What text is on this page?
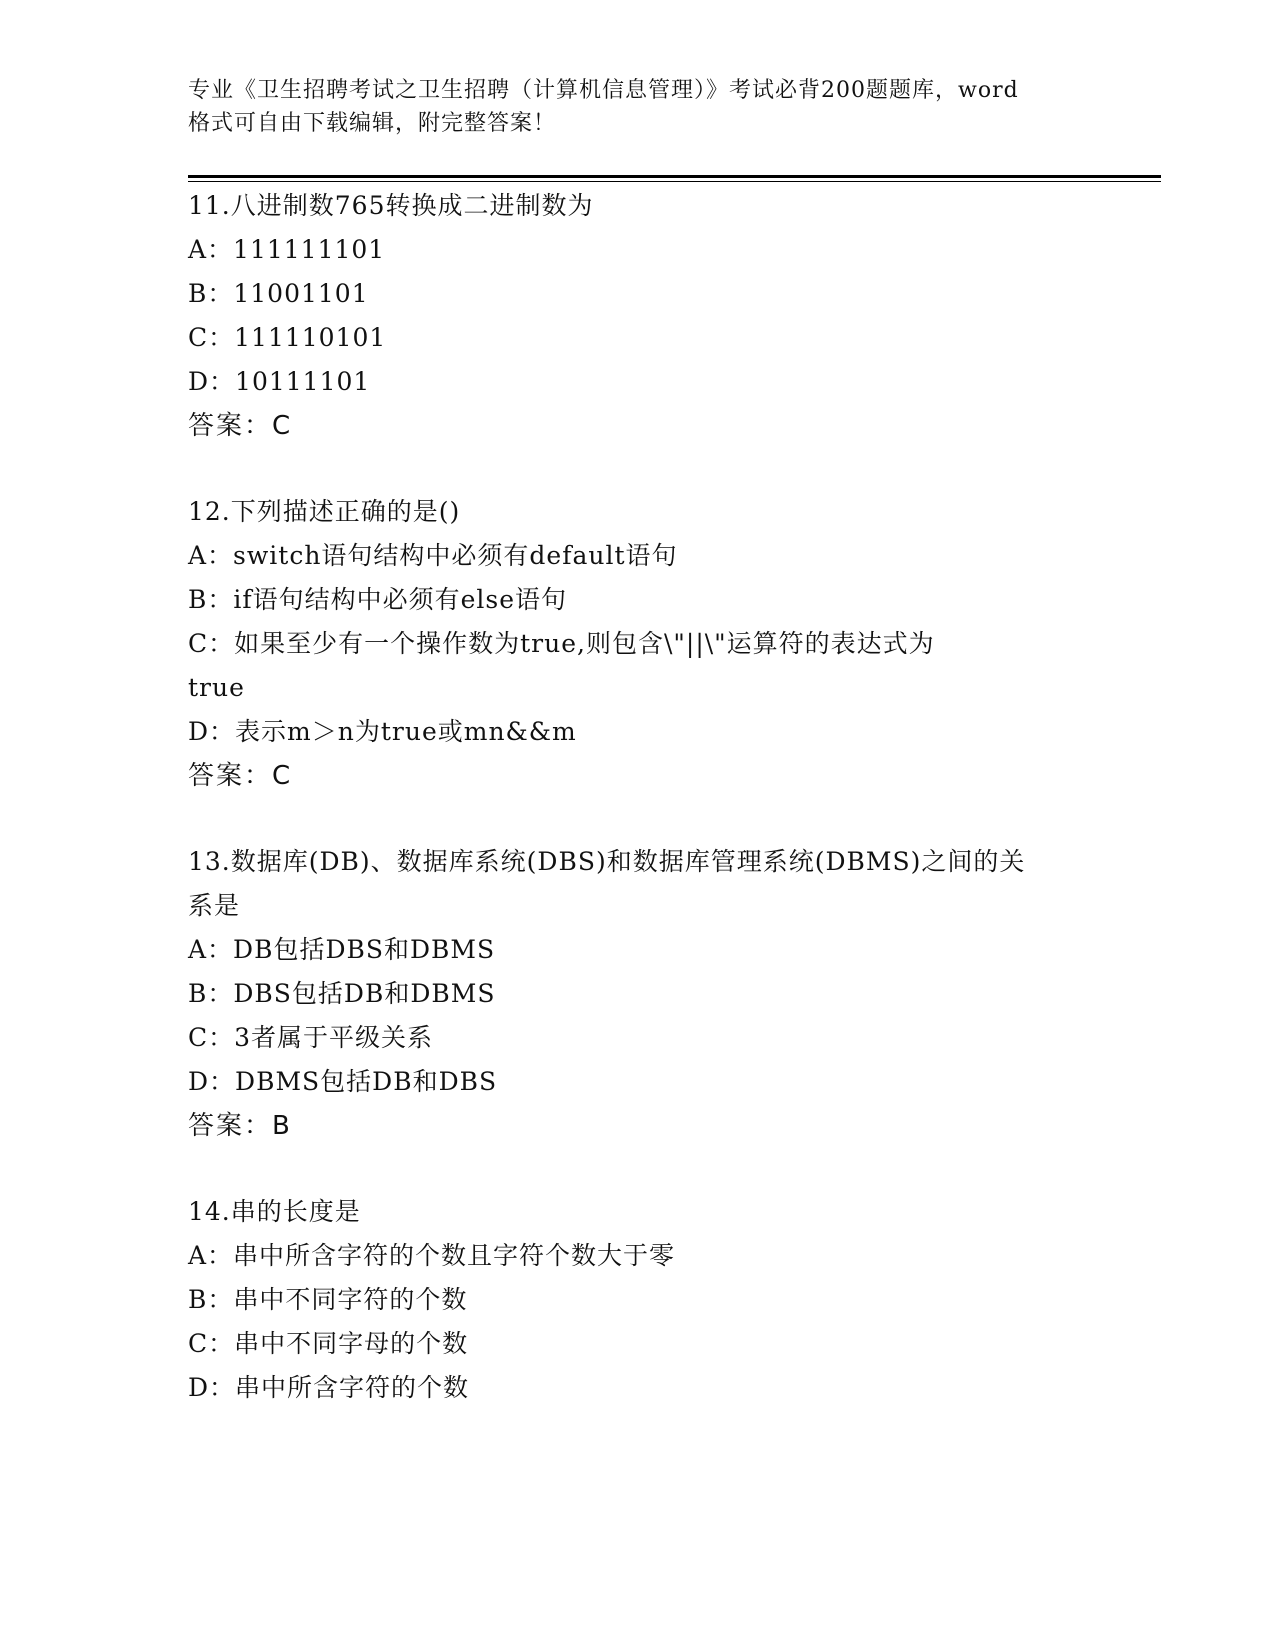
专业《卫生招聘考试之卫生招聘（计算机信息管理）》考试必背200题题库，word
格式可自由下载编辑，附完整答案！
11.八进制数765转换成二进制数为
A：111111101
B：11001101
C：111110101
D：10111101
答案：C
12.下列描述正确的是()
A：switch语句结构中必须有default语句
B：if语句结构中必须有else语句
C：如果至少有一个操作数为true,则包含\"||\"运算符的表达式为
true
D：表示m＞n为true或mn&&m
答案：C
13.数据库(DB)、数据库系统(DBS)和数据库管理系统(DBMS)之间的关
系是
A：DB包括DBS和DBMS
B：DBS包括DB和DBMS
C：3者属于平级关系
D：DBMS包括DB和DBS
答案：B
14.串的长度是
A：串中所含字符的个数且字符个数大于零
B：串中不同字符的个数
C：串中不同字母的个数
D：串中所含字符的个数
